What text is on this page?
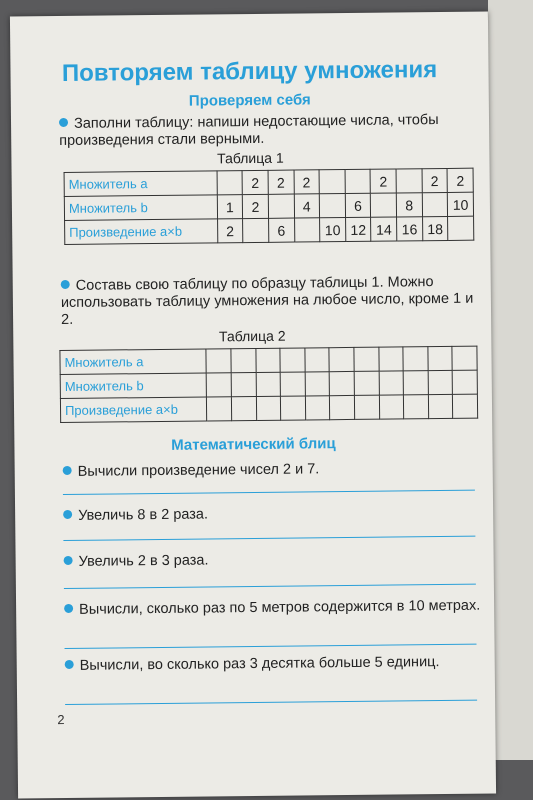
Повторяем таблицу умножения
Проверяем себя
Заполни таблицу: напиши недостающие числа, чтобы произведения стали верными.
Таблица 1
Множитель a		2	2	2			2		2	2
Множитель b	1	2		4		6		8		10
Произведение a×b	2		6		10	12	14	16	18	
Составь свою таблицу по образцу таблицы 1. Можно использовать таблицу умножения на любое число, кроме 1 и 2.
Таблица 2
Множитель a											
Множитель b											
Произведение a×b											
Математический блиц
Вычисли произведение чисел 2 и 7.
Увеличь 8 в 2 раза.
Увеличь 2 в 3 раза.
Вычисли, сколько раз по 5 метров содержится в 10 метрах.
Вычисли, во сколько раз 3 десятка больше 5 единиц.
2
